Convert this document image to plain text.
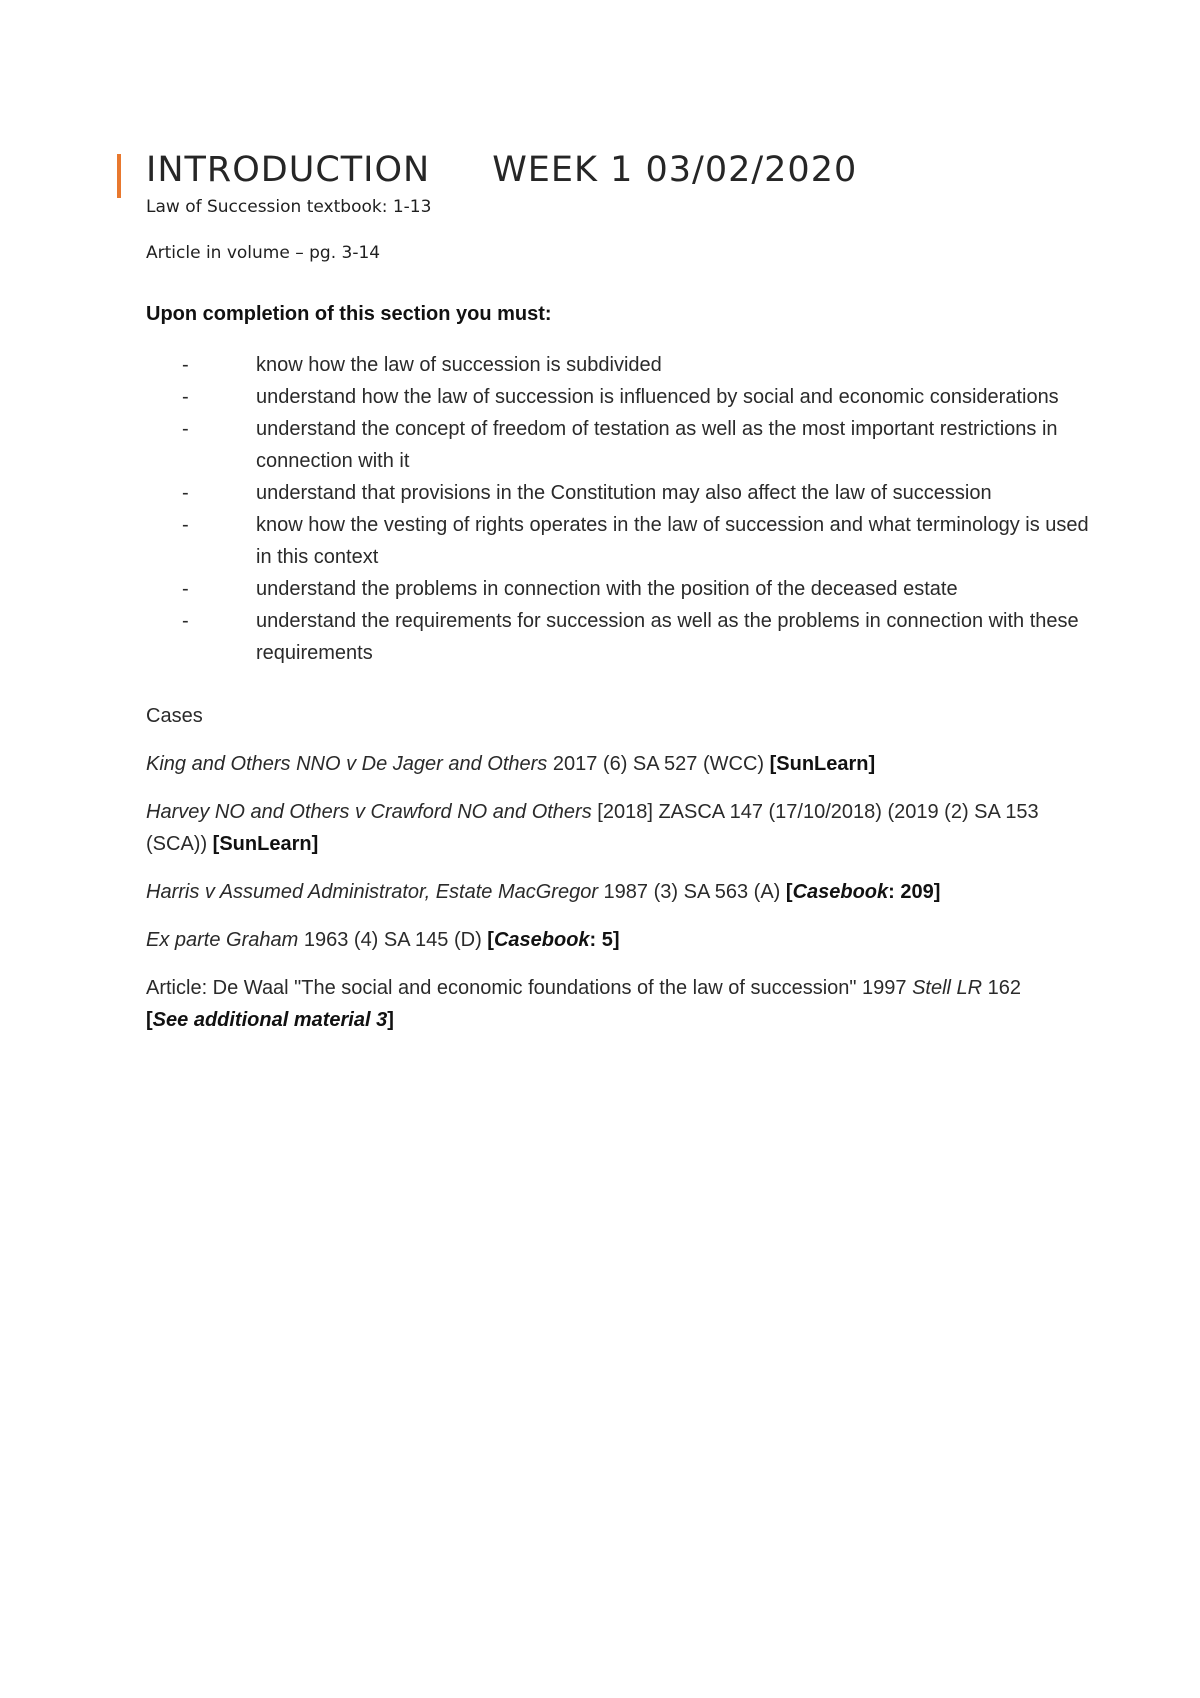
INTRODUCTION WEEK 1 03/02/2020

Law of Succession textbook: 1-13

Article in volume – pg. 3-14

Upon completion of this section you must:

-	know how the law of succession is subdivided
-	understand how the law of succession is influenced by social and economic considerations
-	understand the concept of freedom of testation as well as the most important restrictions in connection with it
-	understand that provisions in the Constitution may also affect the law of succession
-	know how the vesting of rights operates in the law of succession and what terminology is used in this context
-	understand the problems in connection with the position of the deceased estate
-	understand the requirements for succession as well as the problems in connection with these requirements

Cases

King and Others NNO v De Jager and Others 2017 (6) SA 527 (WCC) [SunLearn]

Harvey NO and Others v Crawford NO and Others [2018] ZASCA 147 (17/10/2018) (2019 (2) SA 153 (SCA)) [SunLearn]

Harris v Assumed Administrator, Estate MacGregor 1987 (3) SA 563 (A) [Casebook: 209]

Ex parte Graham 1963 (4) SA 145 (D) [Casebook: 5]

Article: De Waal "The social and economic foundations of the law of succession" 1997 Stell LR 162 [See additional material 3]
